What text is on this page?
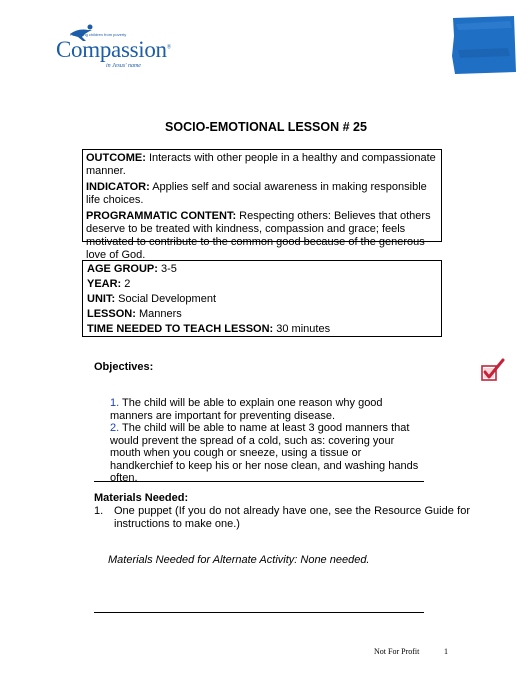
Releasing children from poverty
Compassion®
in Jesus' name
SOCIO-EMOTIONAL LESSON # 25

OUTCOME: Interacts with other people in a healthy and compassionate manner.

INDICATOR: Applies self and social awareness in making responsible life choices.

PROGRAMMATIC CONTENT: Respecting others: Believes that others deserve to be treated with kindness, compassion and grace; feels motivated to contribute to the common good because of the generous love of God.

AGE GROUP: 3-5

YEAR: 2

UNIT: Social Development

LESSON: Manners

TIME NEEDED TO TEACH LESSON: 30 minutes

Objectives:

1. The child will be able to explain one reason why good manners are important for preventing disease.

2. The child will be able to name at least 3 good manners that would prevent the spread of a cold, such as: covering your mouth when you cough or sneeze, using a tissue or handkerchief to keep his or her nose clean, and washing hands often.

Materials Needed:
1. One puppet (If you do not already have one, see the Resource Guide for instructions to make one.)
Materials Needed for Alternate Activity: None needed.
Not For Profit	1
